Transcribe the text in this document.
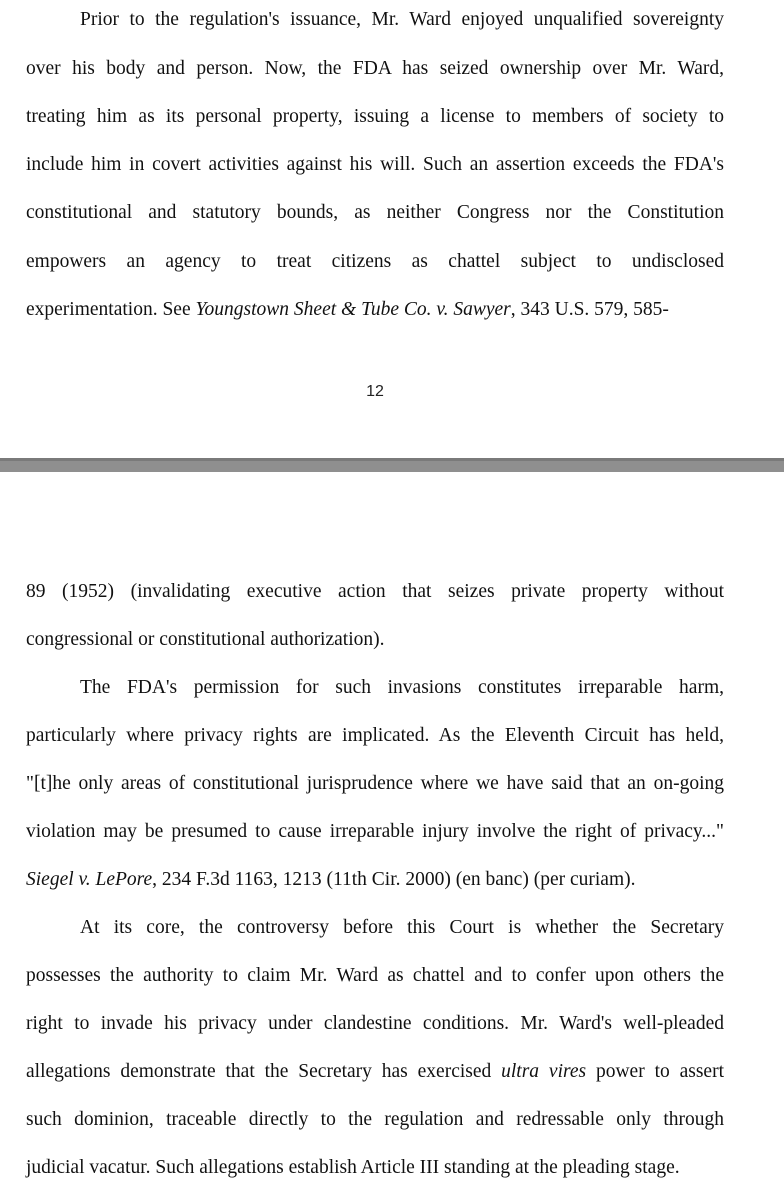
Prior to the regulation's issuance, Mr. Ward enjoyed unqualified sovereignty
over his body and person. Now, the FDA has seized ownership over Mr. Ward,
treating him as its personal property, issuing a license to members of society to
include him in covert activities against his will. Such an assertion exceeds the FDA's
constitutional and statutory bounds, as neither Congress nor the Constitution
empowers an agency to treat citizens as chattel subject to undisclosed
experimentation. See Youngstown Sheet & Tube Co. v. Sawyer, 343 U.S. 579, 585-
12
89 (1952) (invalidating executive action that seizes private property without
congressional or constitutional authorization).
The FDA's permission for such invasions constitutes irreparable harm,
particularly where privacy rights are implicated. As the Eleventh Circuit has held,
"[t]he only areas of constitutional jurisprudence where we have said that an on-going
violation may be presumed to cause irreparable injury involve the right of privacy..."
Siegel v. LePore, 234 F.3d 1163, 1213 (11th Cir. 2000) (en banc) (per curiam).
At its core, the controversy before this Court is whether the Secretary
possesses the authority to claim Mr. Ward as chattel and to confer upon others the
right to invade his privacy under clandestine conditions. Mr. Ward's well-pleaded
allegations demonstrate that the Secretary has exercised ultra vires power to assert
such dominion, traceable directly to the regulation and redressable only through
judicial vacatur. Such allegations establish Article III standing at the pleading stage.
